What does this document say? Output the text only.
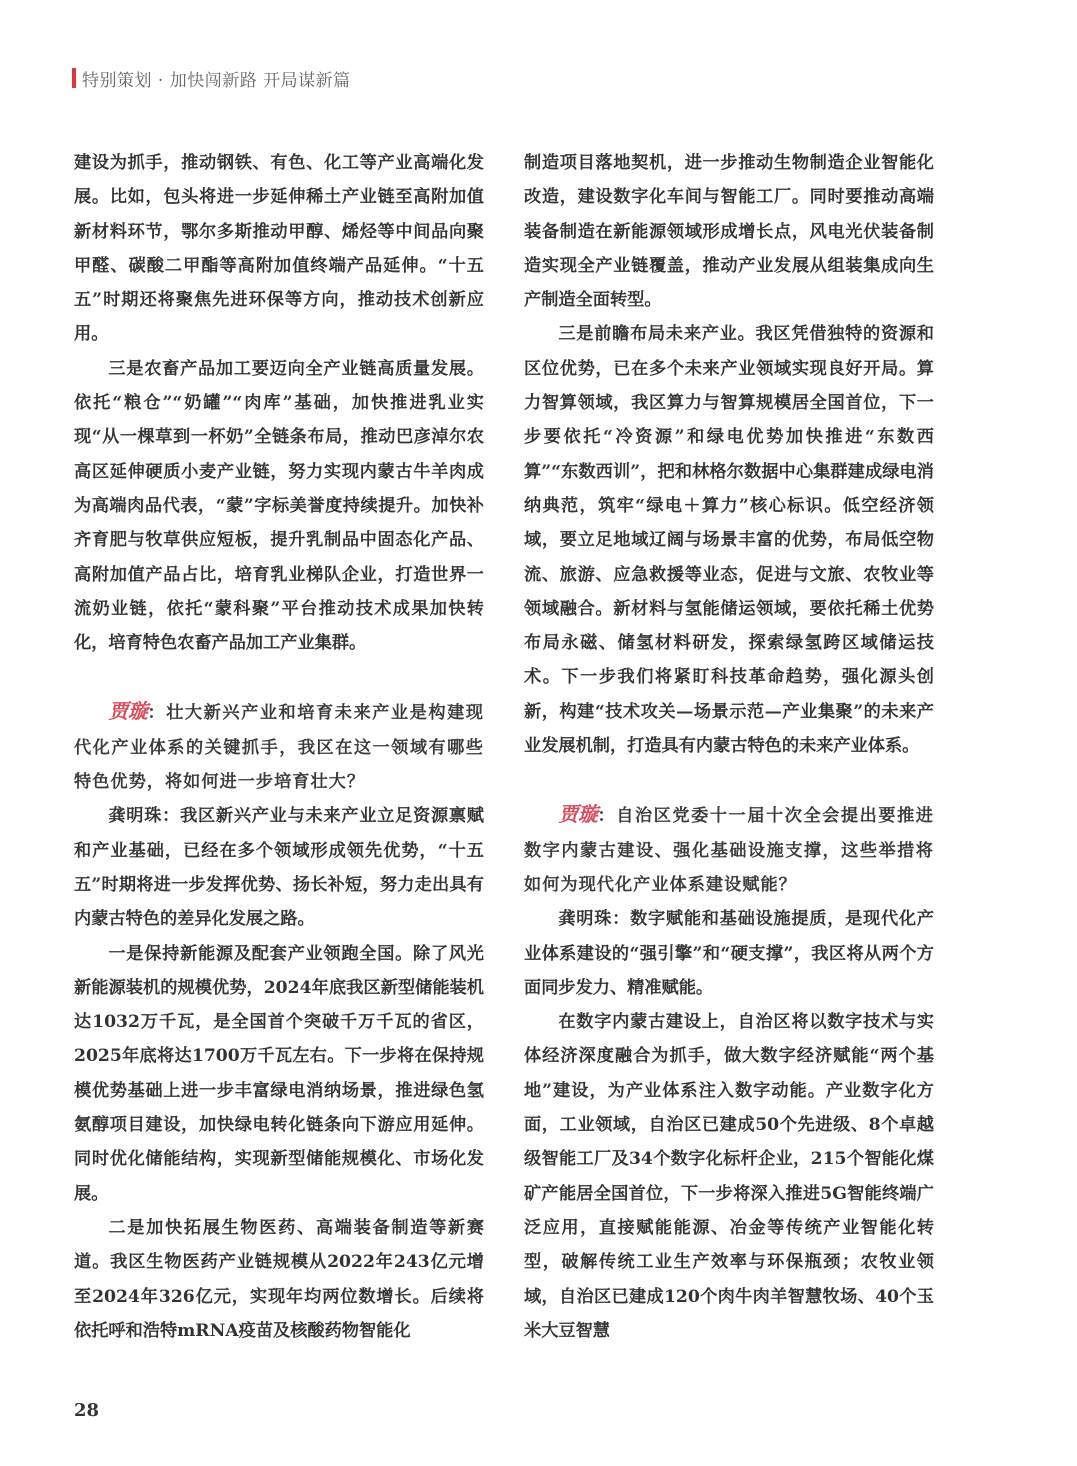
特别策划 · 加快闯新路 开局谋新篇

建设为抓手，推动钢铁、有色、化工等产业高端化发展。比如，包头将进一步延伸稀土产业链至高附加值新材料环节，鄂尔多斯推动甲醇、烯烃等中间品向聚甲醛、碳酸二甲酯等高附加值终端产品延伸。“十五五”时期还将聚焦先进环保等方向，推动技术创新应用。

三是农畜产品加工要迈向全产业链高质量发展。依托“粮仓”“奶罐”“肉库”基础，加快推进乳业实现“从一棵草到一杯奶”全链条布局，推动巴彦淖尔农高区延伸硬质小麦产业链，努力实现内蒙古牛羊肉成为高端肉品代表，“蒙”字标美誉度持续提升。加快补齐育肥与牧草供应短板，提升乳制品中固态化产品、高附加值产品占比，培育乳业梯队企业，打造世界一流奶业链，依托“蒙科聚”平台推动技术成果加快转化，培育特色农畜产品加工产业集群。

贾璇：壮大新兴产业和培育未来产业是构建现代化产业体系的关键抓手，我区在这一领域有哪些特色优势，将如何进一步培育壮大？

龚明珠：我区新兴产业与未来产业立足资源禀赋和产业基础，已经在多个领域形成领先优势，“十五五”时期将进一步发挥优势、扬长补短，努力走出具有内蒙古特色的差异化发展之路。

一是保持新能源及配套产业领跑全国。除了风光新能源装机的规模优势，2024年底我区新型储能装机达1032万千瓦，是全国首个突破千万千瓦的省区，2025年底将达1700万千瓦左右。下一步将在保持规模优势基础上进一步丰富绿电消纳场景，推进绿色氢氨醇项目建设，加快绿电转化链条向下游应用延伸。同时优化储能结构，实现新型储能规模化、市场化发展。

二是加快拓展生物医药、高端装备制造等新赛道。我区生物医药产业链规模从2022年243亿元增至2024年326亿元，实现年均两位数增长。后续将依托呼和浩特mRNA疫苗及核酸药物智能化

制造项目落地契机，进一步推动生物制造企业智能化改造，建设数字化车间与智能工厂。同时要推动高端装备制造在新能源领域形成增长点，风电光伏装备制造实现全产业链覆盖，推动产业发展从组装集成向生产制造全面转型。

三是前瞻布局未来产业。我区凭借独特的资源和区位优势，已在多个未来产业领域实现良好开局。算力智算领域，我区算力与智算规模居全国首位，下一步要依托“冷资源”和绿电优势加快推进“东数西算”“东数西训”，把和林格尔数据中心集群建成绿电消纳典范，筑牢“绿电＋算力”核心标识。低空经济领域，要立足地域辽阔与场景丰富的优势，布局低空物流、旅游、应急救援等业态，促进与文旅、农牧业等领域融合。新材料与氢能储运领域，要依托稀土优势布局永磁、储氢材料研发，探索绿氢跨区域储运技术。下一步我们将紧盯科技革命趋势，强化源头创新，构建“技术攻关—场景示范—产业集聚”的未来产业发展机制，打造具有内蒙古特色的未来产业体系。

贾璇：自治区党委十一届十次全会提出要推进数字内蒙古建设、强化基础设施支撑，这些举措将如何为现代化产业体系建设赋能？

龚明珠：数字赋能和基础设施提质，是现代化产业体系建设的“强引擎”和“硬支撑”，我区将从两个方面同步发力、精准赋能。

在数字内蒙古建设上，自治区将以数字技术与实体经济深度融合为抓手，做大数字经济赋能“两个基地”建设，为产业体系注入数字动能。产业数字化方面，工业领域，自治区已建成50个先进级、8个卓越级智能工厂及34个数字化标杆企业，215个智能化煤矿产能居全国首位，下一步将深入推进5G智能终端广泛应用，直接赋能能源、冶金等传统产业智能化转型，破解传统工业生产效率与环保瓶颈；农牧业领域，自治区已建成120个肉牛肉羊智慧牧场、40个玉米大豆智慧

28
